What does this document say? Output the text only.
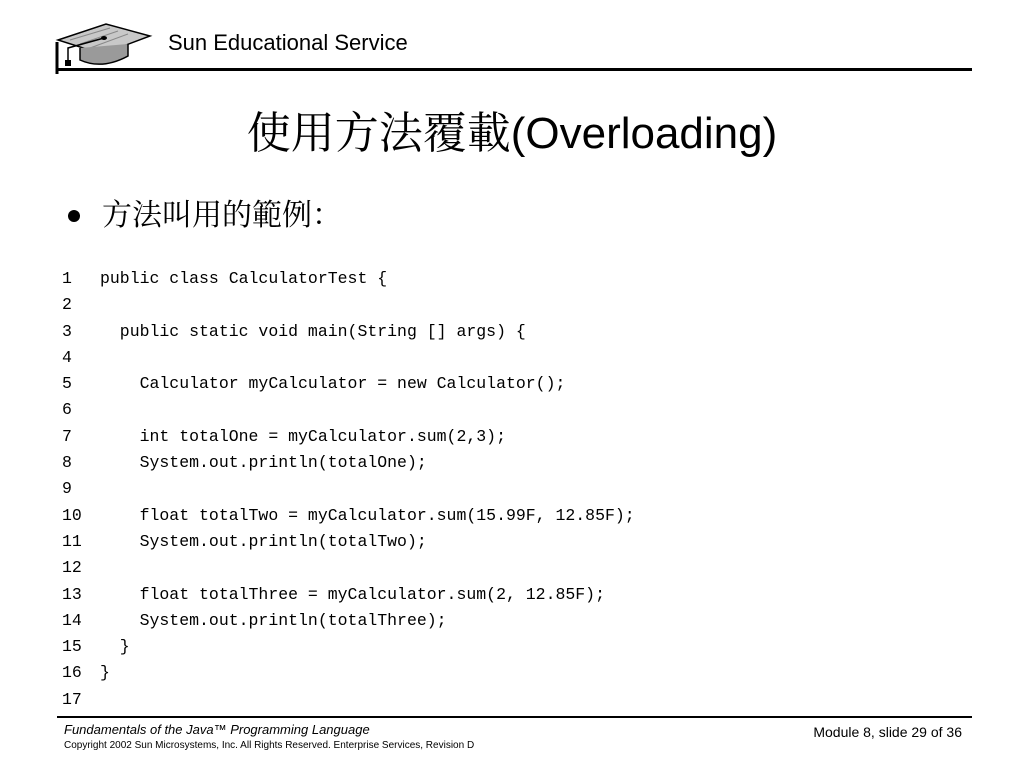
Sun Educational Service
使用方法覆載(Overloading)
方法叫用的範例：
1 public class CalculatorTest {
2
3  public static void main(String [] args) {
4
5    Calculator myCalculator = new Calculator();
6
7    int totalOne = myCalculator.sum(2,3);
8    System.out.println(totalOne);
9
10    float totalTwo = myCalculator.sum(15.99F, 12.85F);
11    System.out.println(totalTwo);
12
13    float totalThree = myCalculator.sum(2, 12.85F);
14    System.out.println(totalThree);
15  }
16 }
17
Fundamentals of the Java™ Programming Language
Copyright 2002 Sun Microsystems, Inc. All Rights Reserved. Enterprise Services, Revision D
Module 8, slide 29 of 36
